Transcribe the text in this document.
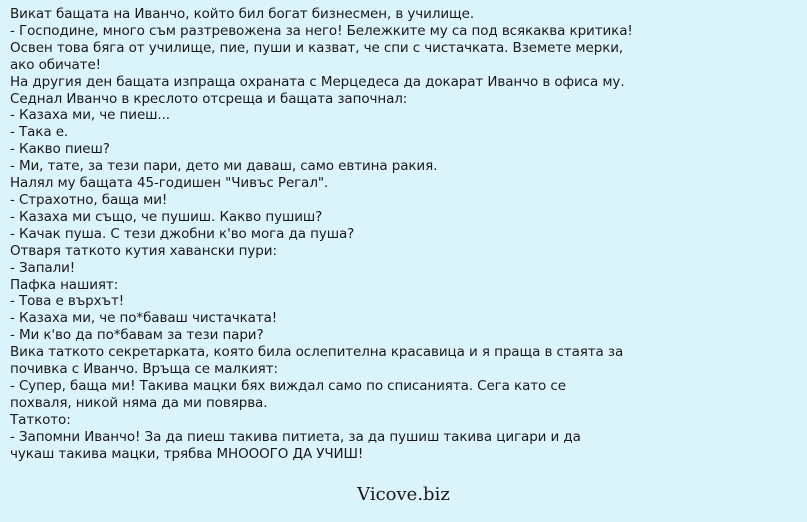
Викат бащата на Иванчо, който бил богат бизнесмен, в училище.
- Господине, много съм разтревожена за него! Бележките му са под всякаква критика!
Освен това бяга от училище, пие, пуши и казват, че спи с чистачката. Вземете мерки,
ако обичате!
На другия ден бащата изпраща охраната с Мерцедеса да докарат Иванчо в офиса му.
Седнал Иванчо в креслото отсреща и бащата започнал:
- Казаха ми, че пиеш...
- Така е.
- Какво пиеш?
- Ми, тате, за тези пари, дето ми даваш, само евтина ракия.
Налял му бащата 45-годишен "Чивъс Регал".
- Страхотно, баща ми!
- Казаха ми също, че пушиш. Какво пушиш?
- Качак пуша. С тези джобни к'во мога да пуша?
Отваря таткото кутия хавански пури:
- Запали!
Пафка нашият:
- Това е върхът!
- Казаха ми, че по*баваш чистачката!
- Ми к'во да по*бавам за тези пари?
Вика таткото секретарката, която била ослепителна красавица и я праща в стаята за
почивка с Иванчо. Връща се малкият:
- Супер, баща ми! Такива мацки бях виждал само по списанията. Сега като се
похваля, никой няма да ми повярва.
Таткото:
- Запомни Иванчо! За да пиеш такива питиета, за да пушиш такива цигари и да
чукаш такива мацки, трябва МНОООГО ДА УЧИШ!
Vicove.biz
